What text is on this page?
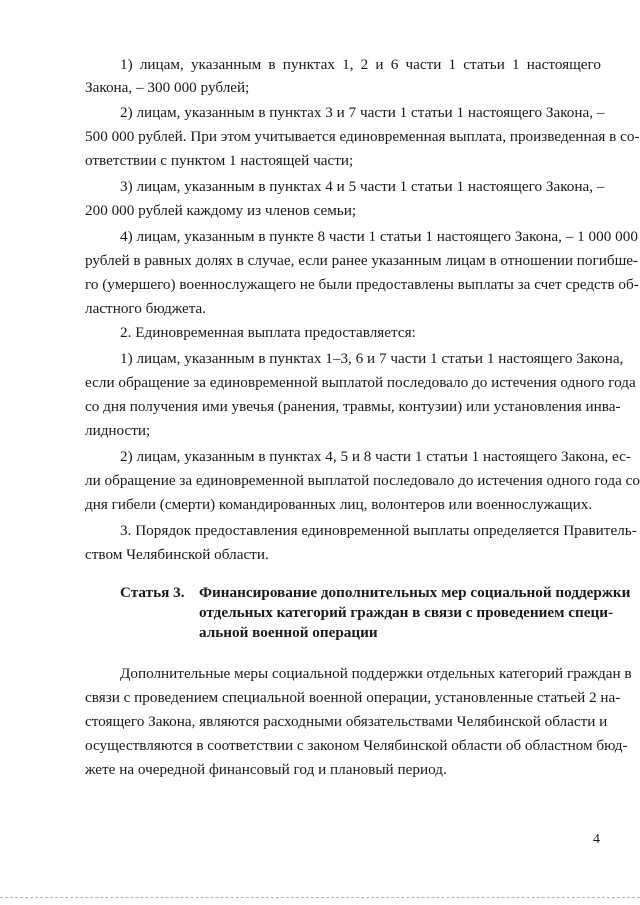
1) лицам, указанным в пунктах 1, 2 и 6 части 1 статьи 1 настоящего
Закона, – 300 000 рублей;
2) лицам, указанным в пунктах 3 и 7 части 1 статьи 1 настоящего Закона, –
500 000 рублей. При этом учитывается единовременная выплата, произведенная в со-
ответствии с пунктом 1 настоящей части;
3) лицам, указанным в пунктах 4 и 5 части 1 статьи 1 настоящего Закона, –
200 000 рублей каждому из членов семьи;
4) лицам, указанным в пункте 8 части 1 статьи 1 настоящего Закона, – 1 000 000
рублей в равных долях в случае, если ранее указанным лицам в отношении погибше-
го (умершего) военнослужащего не были предоставлены выплаты за счет средств об-
ластного бюджета.
2. Единовременная выплата предоставляется:
1) лицам, указанным в пунктах 1–3, 6 и 7 части 1 статьи 1 настоящего Закона,
если обращение за единовременной выплатой последовало до истечения одного года
со дня получения ими увечья (ранения, травмы, контузии) или установления инва-
лидности;
2) лицам, указанным в пунктах 4, 5 и 8 части 1 статьи 1 настоящего Закона, ес-
ли обращение за единовременной выплатой последовало до истечения одного года со
дня гибели (смерти) командированных лиц, волонтеров или военнослужащих.
3. Порядок предоставления единовременной выплаты определяется Правитель-
ством Челябинской области.
Статья 3. Финансирование дополнительных мер социальной поддержки
отдельных категорий граждан в связи с проведением специ-
альной военной операции
Дополнительные меры социальной поддержки отдельных категорий граждан в
связи с проведением специальной военной операции, установленные статьей 2 на-
стоящего Закона, являются расходными обязательствами Челябинской области и
осуществляются в соответствии с законом Челябинской области об областном бюд-
жете на очередной финансовый год и плановый период.
4
